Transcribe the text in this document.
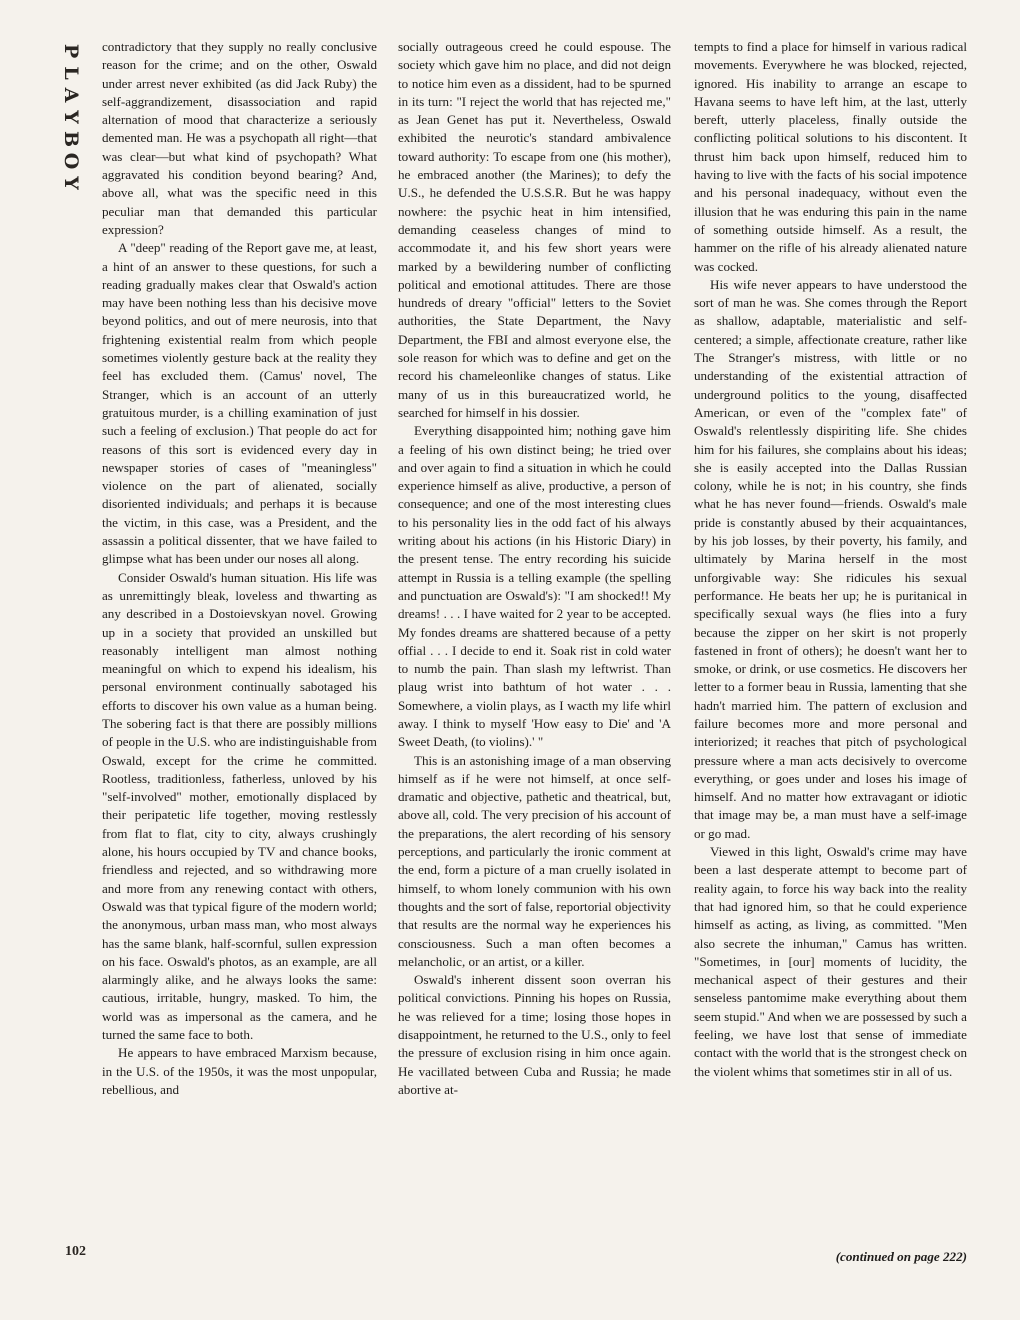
P
L
A
Y
B
O
Y

contradictory that they supply no really conclusive reason for the crime; and on the other, Oswald under arrest never exhibited (as did Jack Ruby) the self-aggrandizement, disassociation and rapid alternation of mood that characterize a seriously demented man. He was a psychopath all right—that was clear—but what kind of psychopath? What aggravated his condition beyond bearing? And, above all, what was the specific need in this peculiar man that demanded this particular expression?

A "deep" reading of the Report gave me, at least, a hint of an answer to these questions, for such a reading gradually makes clear that Oswald's action may have been nothing less than his decisive move beyond politics, and out of mere neurosis, into that frightening existential realm from which people sometimes violently gesture back at the reality they feel has excluded them. (Camus' novel, The Stranger, which is an account of an utterly gratuitous murder, is a chilling examination of just such a feeling of exclusion.) That people do act for reasons of this sort is evidenced every day in newspaper stories of cases of "meaningless" violence on the part of alienated, socially disoriented individuals; and perhaps it is because the victim, in this case, was a President, and the assassin a political dissenter, that we have failed to glimpse what has been under our noses all along.

Consider Oswald's human situation. His life was as unremittingly bleak, loveless and thwarting as any described in a Dostoievskyan novel. Growing up in a society that provided an unskilled but reasonably intelligent man almost nothing meaningful on which to expend his idealism, his personal environment continually sabotaged his efforts to discover his own value as a human being. The sobering fact is that there are possibly millions of people in the U.S. who are indistinguishable from Oswald, except for the crime he committed. Rootless, traditionless, fatherless, unloved by his "self-involved" mother, emotionally displaced by their peripatetic life together, moving restlessly from flat to flat, city to city, always crushingly alone, his hours occupied by TV and chance books, friendless and rejected, and so withdrawing more and more from any renewing contact with others, Oswald was that typical figure of the modern world; the anonymous, urban mass man, who most always has the same blank, half-scornful, sullen expression on his face. Oswald's photos, as an example, are all alarmingly alike, and he always looks the same: cautious, irritable, hungry, masked. To him, the world was as impersonal as the camera, and he turned the same face to both.

He appears to have embraced Marxism because, in the U.S. of the 1950s, it was the most unpopular, rebellious, and

socially outrageous creed he could espouse. The society which gave him no place, and did not deign to notice him even as a dissident, had to be spurned in its turn: "I reject the world that has rejected me," as Jean Genet has put it. Nevertheless, Oswald exhibited the neurotic's standard ambivalence toward authority: To escape from one (his mother), he embraced another (the Marines); to defy the U.S., he defended the U.S.S.R. But he was happy nowhere: the psychic heat in him intensified, demanding ceaseless changes of mind to accommodate it, and his few short years were marked by a bewildering number of conflicting political and emotional attitudes. There are those hundreds of dreary "official" letters to the Soviet authorities, the State Department, the Navy Department, the FBI and almost everyone else, the sole reason for which was to define and get on the record his chameleonlike changes of status. Like many of us in this bureaucratized world, he searched for himself in his dossier.

Everything disappointed him; nothing gave him a feeling of his own distinct being; he tried over and over again to find a situation in which he could experience himself as alive, productive, a person of consequence; and one of the most interesting clues to his personality lies in the odd fact of his always writing about his actions (in his Historic Diary) in the present tense. The entry recording his suicide attempt in Russia is a telling example (the spelling and punctuation are Oswald's): "I am shocked!! My dreams! . . . I have waited for 2 year to be accepted. My fondes dreams are shattered because of a petty offial . . . I decide to end it. Soak rist in cold water to numb the pain. Than slash my leftwrist. Than plaug wrist into bathtum of hot water . . . Somewhere, a violin plays, as I wacth my life whirl away. I think to myself 'How easy to Die' and 'A Sweet Death, (to violins).' "

This is an astonishing image of a man observing himself as if he were not himself, at once self-dramatic and objective, pathetic and theatrical, but, above all, cold. The very precision of his account of the preparations, the alert recording of his sensory perceptions, and particularly the ironic comment at the end, form a picture of a man cruelly isolated in himself, to whom lonely communion with his own thoughts and the sort of false, reportorial objectivity that results are the normal way he experiences his consciousness. Such a man often becomes a melancholic, or an artist, or a killer.

Oswald's inherent dissent soon overran his political convictions. Pinning his hopes on Russia, he was relieved for a time; losing those hopes in disappointment, he returned to the U.S., only to feel the pressure of exclusion rising in him once again. He vacillated between Cuba and Russia; he made abortive at-

tempts to find a place for himself in various radical movements. Everywhere he was blocked, rejected, ignored. His inability to arrange an escape to Havana seems to have left him, at the last, utterly bereft, utterly placeless, finally outside the conflicting political solutions to his discontent. It thrust him back upon himself, reduced him to having to live with the facts of his social impotence and his personal inadequacy, without even the illusion that he was enduring this pain in the name of something outside himself. As a result, the hammer on the rifle of his already alienated nature was cocked.

His wife never appears to have understood the sort of man he was. She comes through the Report as shallow, adaptable, materialistic and self-centered; a simple, affectionate creature, rather like The Stranger's mistress, with little or no understanding of the existential attraction of underground politics to the young, disaffected American, or even of the "complex fate" of Oswald's relentlessly dispiriting life. She chides him for his failures, she complains about his ideas; she is easily accepted into the Dallas Russian colony, while he is not; in his country, she finds what he has never found—friends. Oswald's male pride is constantly abused by their acquaintances, by his job losses, by their poverty, his family, and ultimately by Marina herself in the most unforgivable way: She ridicules his sexual performance. He beats her up; he is puritanical in specifically sexual ways (he flies into a fury because the zipper on her skirt is not properly fastened in front of others); he doesn't want her to smoke, or drink, or use cosmetics. He discovers her letter to a former beau in Russia, lamenting that she hadn't married him. The pattern of exclusion and failure becomes more and more personal and interiorized; it reaches that pitch of psychological pressure where a man acts decisively to overcome everything, or goes under and loses his image of himself. And no matter how extravagant or idiotic that image may be, a man must have a self-image or go mad.

Viewed in this light, Oswald's crime may have been a last desperate attempt to become part of reality again, to force his way back into the reality that had ignored him, so that he could experience himself as acting, as living, as committed. "Men also secrete the inhuman," Camus has written. "Sometimes, in [our] moments of lucidity, the mechanical aspect of their gestures and their senseless pantomime make everything about them seem stupid." And when we are possessed by such a feeling, we have lost that sense of immediate contact with the world that is the strongest check on the violent whims that sometimes stir in all of us.

(continued on page 222)
102
